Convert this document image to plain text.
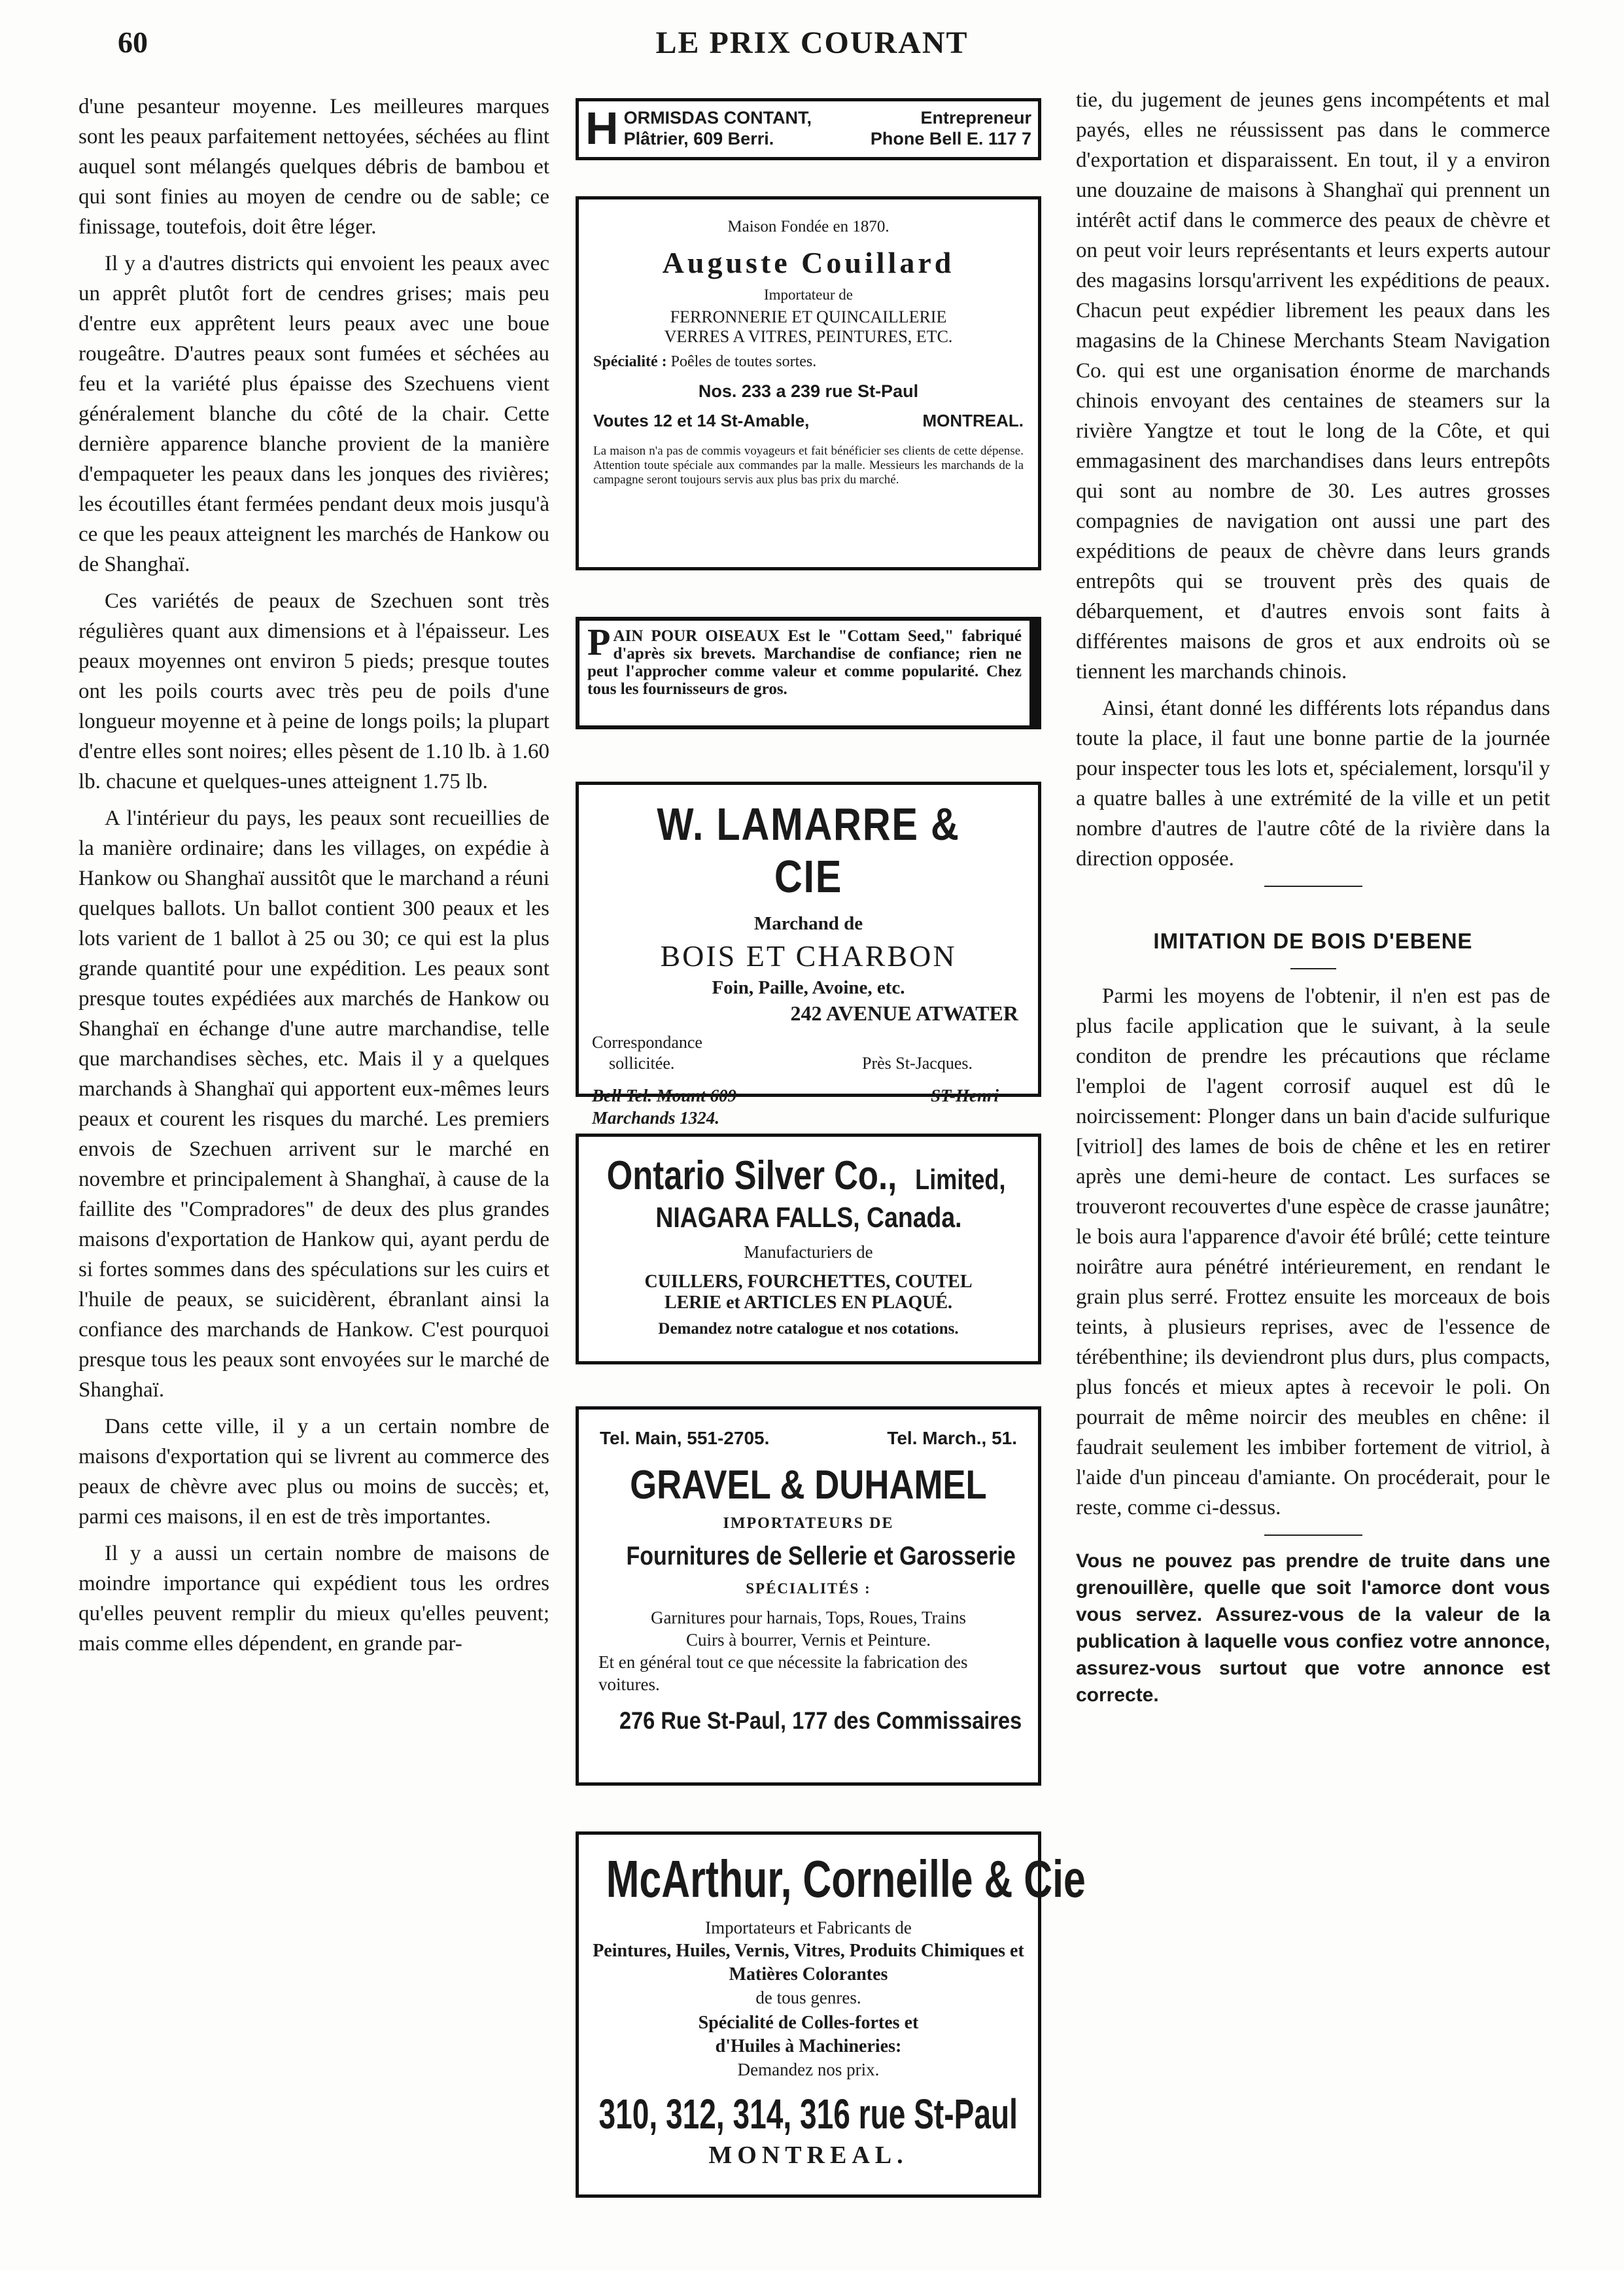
60	LE PRIX COURANT

d'une pesanteur moyenne. Les meilleures marques sont les peaux parfaitement nettoyées, séchées au flint auquel sont mélangés quelques débris de bambou et qui sont finies au moyen de cendre ou de sable; ce finissage, toutefois, doit être léger.

Il y a d'autres districts qui envoient les peaux avec un apprêt plutôt fort de cendres grises; mais peu d'entre eux apprêtent leurs peaux avec une boue rougeâtre. D'autres peaux sont fumées et séchées au feu et la variété plus épaisse des Szechuens vient généralement blanche du côté de la chair. Cette dernière apparence blanche provient de la manière d'empaqueter les peaux dans les jonques des rivières; les écoutilles étant fermées pendant deux mois jusqu'à ce que les peaux atteignent les marchés de Hankow ou de Shanghaï.

Ces variétés de peaux de Szechuen sont très régulières quant aux dimensions et à l'épaisseur. Les peaux moyennes ont environ 5 pieds; presque toutes ont les poils courts avec très peu de poils d'une longueur moyenne et à peine de longs poils; la plupart d'entre elles sont noires; elles pèsent de 1.10 lb. à 1.60 lb. chacune et quelques-unes atteignent 1.75 lb.

A l'intérieur du pays, les peaux sont recueillies de la manière ordinaire; dans les villages, on expédie à Hankow ou Shanghaï aussitôt que le marchand a réuni quelques ballots. Un ballot contient 300 peaux et les lots varient de 1 ballot à 25 ou 30; ce qui est la plus grande quantité pour une expédition. Les peaux sont presque toutes expédiées aux marchés de Hankow ou Shanghaï en échange d'une autre marchandise, telle que marchandises sèches, etc. Mais il y a quelques marchands à Shanghaï qui apportent eux-mêmes leurs peaux et courent les risques du marché. Les premiers envois de Szechuen arrivent sur le marché en novembre et principalement à Shanghaï, à cause de la faillite des "Compradores" de deux des plus grandes maisons d'exportation de Hankow qui, ayant perdu de si fortes sommes dans des spéculations sur les cuirs et l'huile de peaux, se suicidèrent, ébranlant ainsi la confiance des marchands de Hankow. C'est pourquoi presque tous les peaux sont envoyées sur le marché de Shanghaï.

Dans cette ville, il y a un certain nombre de maisons d'exportation qui se livrent au commerce des peaux de chèvre avec plus ou moins de succès; et, parmi ces maisons, il en est de très importantes.

Il y a aussi un certain nombre de maisons de moindre importance qui expédient tous les ordres qu'elles peuvent remplir du mieux qu'elles peuvent; mais comme elles dépendent, en grande par-

H ORMISDAS CONTANT,	Entrepreneur
Plâtrier, 609 Berri.	Phone Bell E. 117 7
Maison Fondée en 1870.
Auguste Couillard
Importateur de
FERRONNERIE ET QUINCAILLERIE
VERRES A VITRES, PEINTURES, ETC.
Spécialité : Poêles de toutes sortes.
Nos. 233 a 239 rue St-Paul
Voutes 12 et 14 St-Amable,	MONTREAL.
La maison n'a pas de commis voyageurs et fait bénéficier ses clients de cette dépense. Attention toute spéciale aux commandes par la malle. Messieurs les marchands de la campagne seront toujours servis aux plus bas prix du marché.
P AIN POUR OISEAUX Est le "Cottam Seed," fabriqué d'après six brevets. Marchandise de confiance; rien ne peut l'approcher comme valeur et comme popularité. Chez tous les fournisseurs de gros.
W. LAMARRE & CIE
Marchand de
BOIS ET CHARBON
Foin, Paille, Avoine, etc.
242 AVENUE ATWATER
Correspondance
sollicitée.	Près St-Jacques.
Bell Tel. Mount 609	ST-Henri
Marchands 1324.
Ontario Silver Co., Limited,
NIAGARA FALLS, Canada.
Manufacturiers de
CUILLERS, FOURCHETTES, COUTEL
LERIE et ARTICLES EN PLAQUÉ.
Demandez notre catalogue et nos cotations.
Tel. Main, 551-2705.	Tel. March., 51.
GRAVEL & DUHAMEL
IMPORTATEURS DE
Fournitures de Sellerie et Garosserie
SPÉCIALITÉS :
Garnitures pour harnais, Tops, Roues, Trains
Cuirs à bourrer, Vernis et Peinture.
Et en général tout ce que nécessite la fabrication des voitures.
276 Rue St-Paul, 177 des Commissaires
McArthur, Corneille & Cie
Importateurs et Fabricants de
Peintures, Huiles, Vernis, Vitres, Produits Chimiques et Matières Colorantes
de tous genres.
Spécialité de Colles-fortes et
d'Huiles à Machineries:
Demandez nos prix.
310, 312, 314, 316 rue St-Paul
MONTREAL.

tie, du jugement de jeunes gens incompétents et mal payés, elles ne réussissent pas dans le commerce d'exportation et disparaissent. En tout, il y a environ une douzaine de maisons à Shanghaï qui prennent un intérêt actif dans le commerce des peaux de chèvre et on peut voir leurs représentants et leurs experts autour des magasins lorsqu'arrivent les expéditions de peaux. Chacun peut expédier librement les peaux dans les magasins de la Chinese Merchants Steam Navigation Co. qui est une organisation énorme de marchands chinois envoyant des centaines de steamers sur la rivière Yangtze et tout le long de la Côte, et qui emmagasinent des marchandises dans leurs entrepôts qui sont au nombre de 30. Les autres grosses compagnies de navigation ont aussi une part des expéditions de peaux de chèvre dans leurs grands entrepôts qui se trouvent près des quais de débarquement, et d'autres envois sont faits à différentes maisons de gros et aux endroits où se tiennent les marchands chinois.

Ainsi, étant donné les différents lots répandus dans toute la place, il faut une bonne partie de la journée pour inspecter tous les lots et, spécialement, lorsqu'il y a quatre balles à une extrémité de la ville et un petit nombre d'autres de l'autre côté de la rivière dans la direction opposée.

IMITATION DE BOIS D'EBENE

Parmi les moyens de l'obtenir, il n'en est pas de plus facile application que le suivant, à la seule conditon de prendre les précautions que réclame l'emploi de l'agent corrosif auquel est dû le noircissement: Plonger dans un bain d'acide sulfurique [vitriol] des lames de bois de chêne et les en retirer après une demi-heure de contact. Les surfaces se trouveront recouvertes d'une espèce de crasse jaunâtre; le bois aura l'apparence d'avoir été brûlé; cette teinture noirâtre aura pénétré intérieurement, en rendant le grain plus serré. Frottez ensuite les morceaux de bois teints, à plusieurs reprises, avec de l'essence de térébenthine; ils deviendront plus durs, plus compacts, plus foncés et mieux aptes à recevoir le poli. On pourrait de même noircir des meubles en chêne: il faudrait seulement les imbiber fortement de vitriol, à l'aide d'un pinceau d'amiante. On procéderait, pour le reste, comme ci-dessus.

Vous ne pouvez pas prendre de truite dans une grenouillère, quelle que soit l'amorce dont vous vous servez. Assurez-vous de la valeur de la publication à laquelle vous confiez votre annonce, assurez-vous surtout que votre annonce est correcte.
